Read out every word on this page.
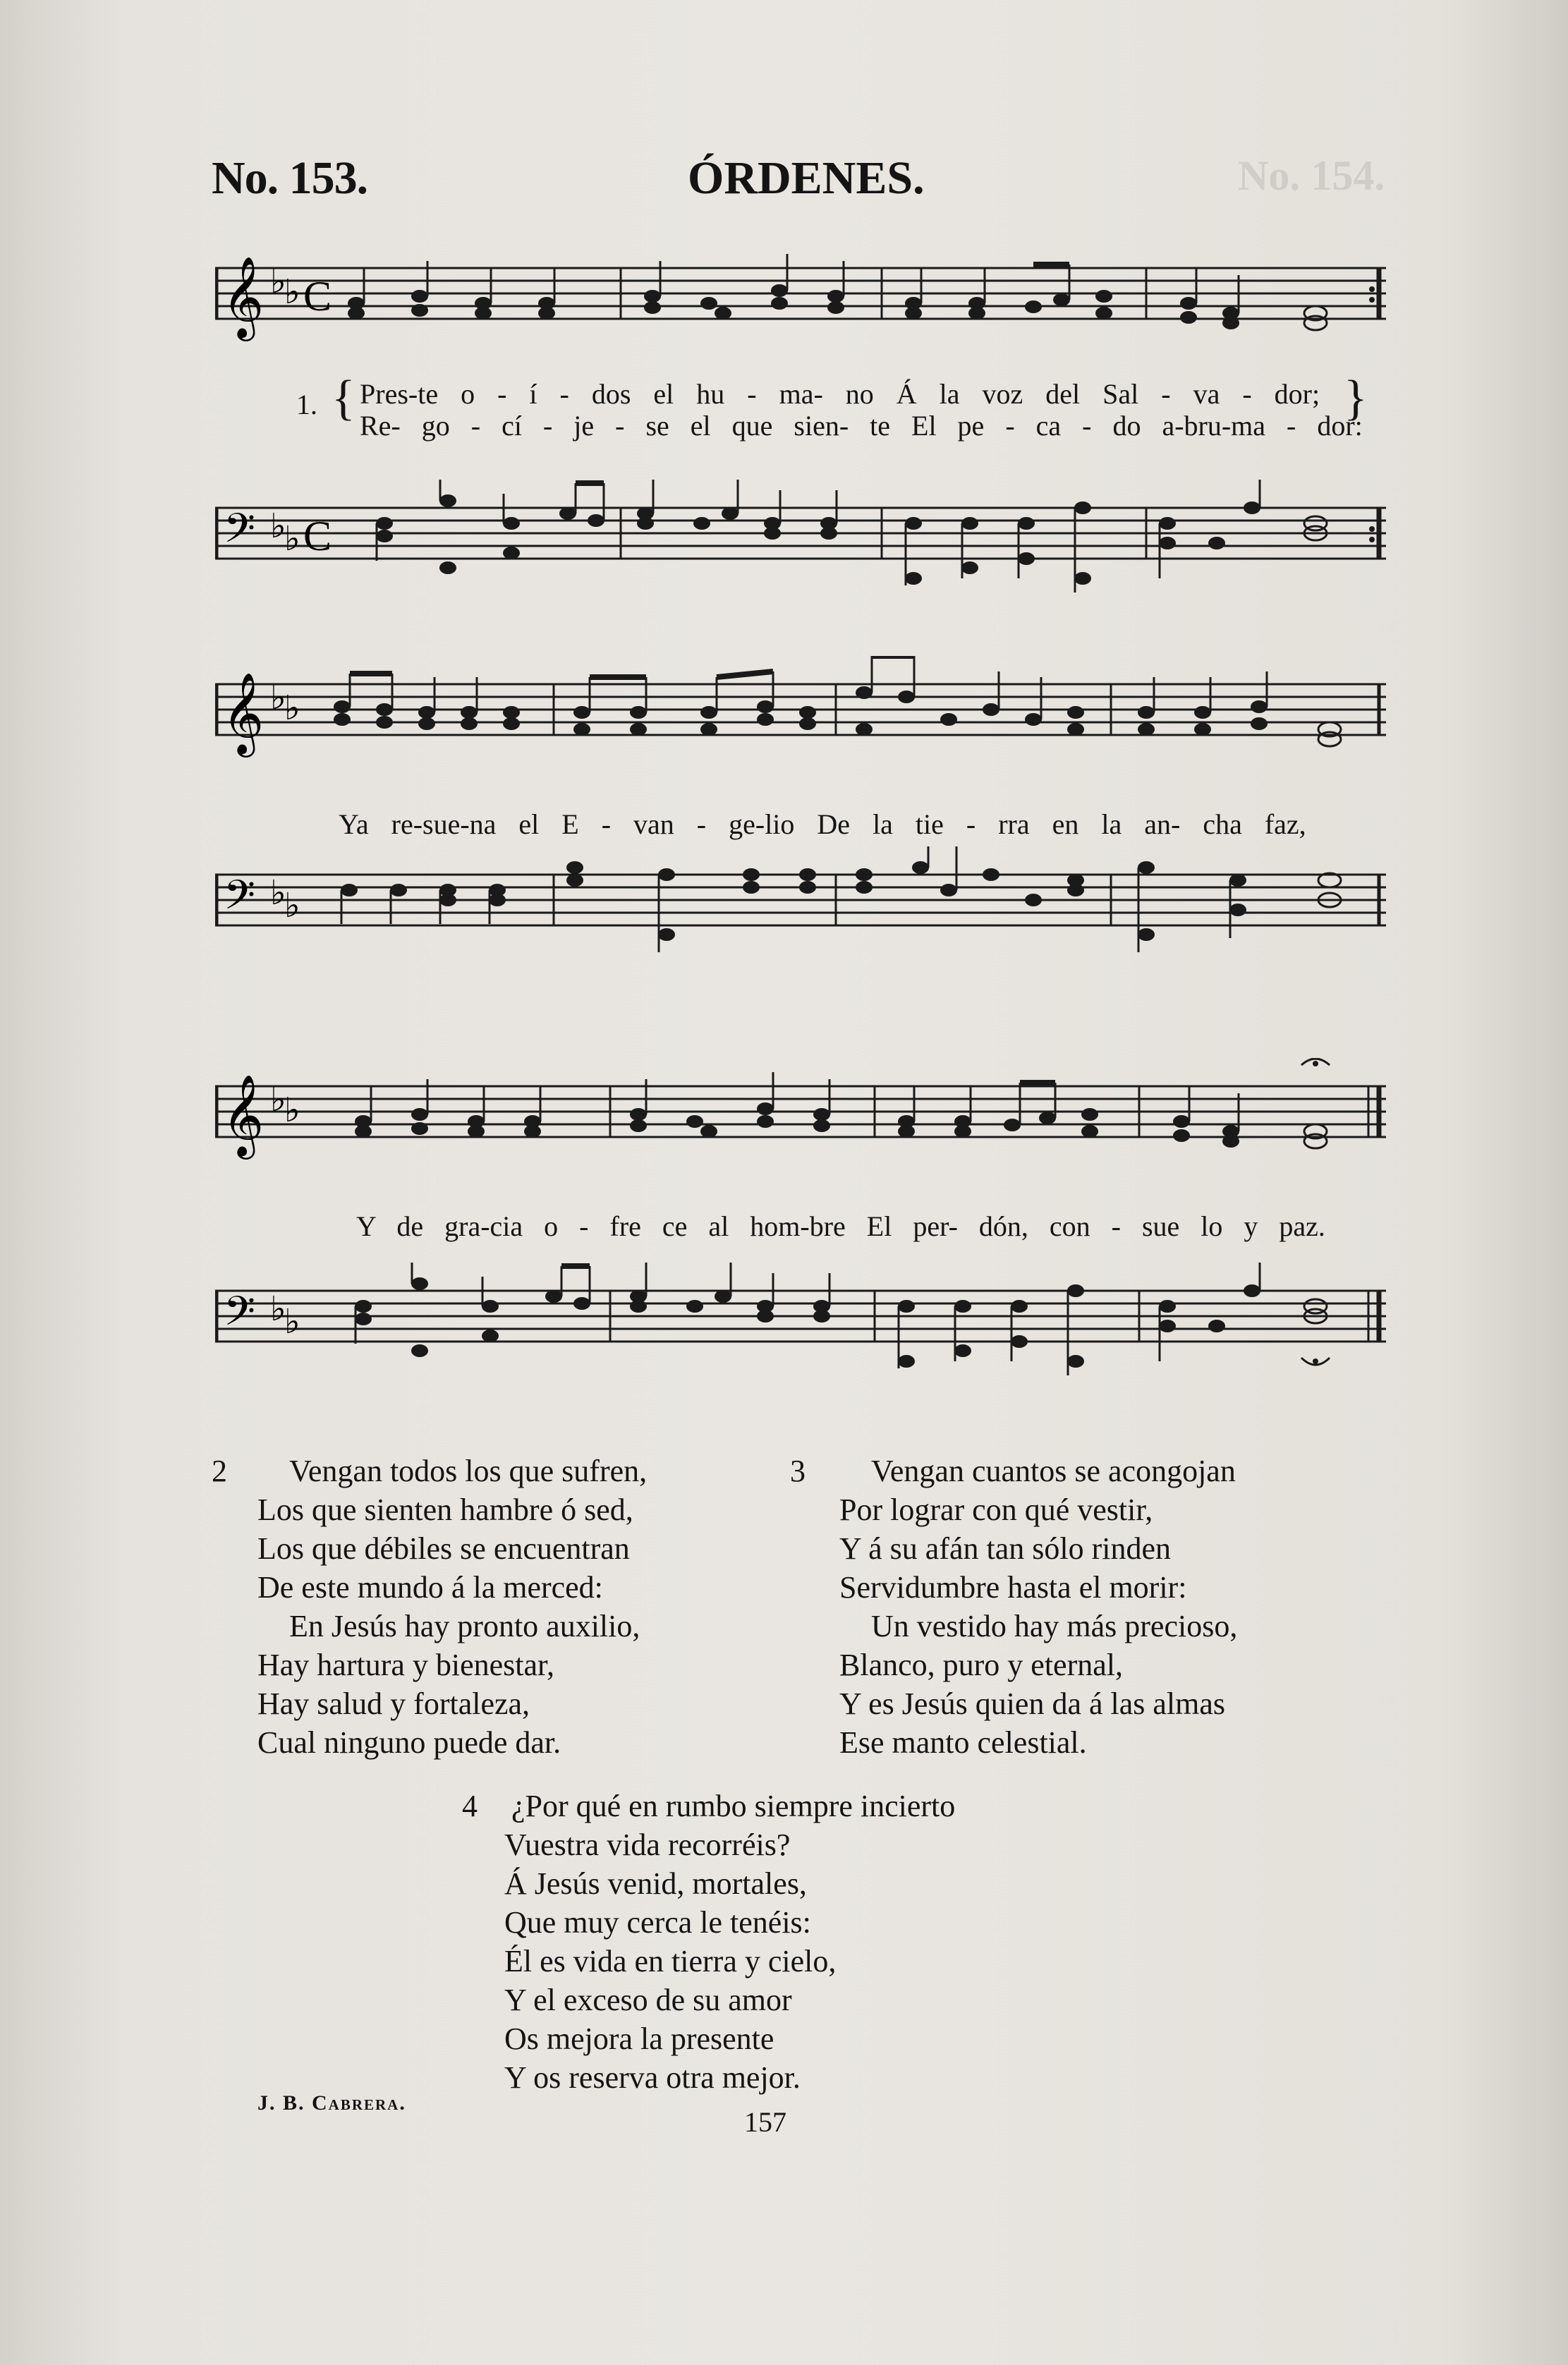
No. 154.
No. 153.	ÓRDENES.
𝄞 ♭
♭ C
1. { Pres-te o - í - dos el hu - ma- no Á la voz del Sal - va - dor;
Re- go - cí - je - se el que sien- te El pe - ca - do a-bru-ma - dor:
}
𝄢 ♭
♭ C
𝄞 ♭
♭
Ya re-sue-na el E - van - ge-lio De la tie - rra en la an- cha faz,
𝄢 ♭
♭
𝄞 ♭
♭
Y de gra-cia o - fre ce al hom-bre El per- dón, con - sue lo y paz.
𝄢 ♭
♭
2	Vengan todos los que sufren,
Los que sienten hambre ó sed,
Los que débiles se encuentran
De este mundo á la merced:
En Jesús hay pronto auxilio,
Hay hartura y bienestar,
Hay salud y fortaleza,
Cual ninguno puede dar.
3	Vengan cuantos se acongojan
Por lograr con qué vestir,
Y á su afán tan sólo rinden
Servidumbre hasta el morir:
Un vestido hay más precioso,
Blanco, puro y eternal,
Y es Jesús quien da á las almas
Ese manto celestial.
4 ¿Por qué en rumbo siempre incierto
Vuestra vida recorréis?
Á Jesús venid, mortales,
Que muy cerca le tenéis:
Él es vida en tierra y cielo,
Y el exceso de su amor
Os mejora la presente
Y os reserva otra mejor.
J. B. Cabrera.
157
